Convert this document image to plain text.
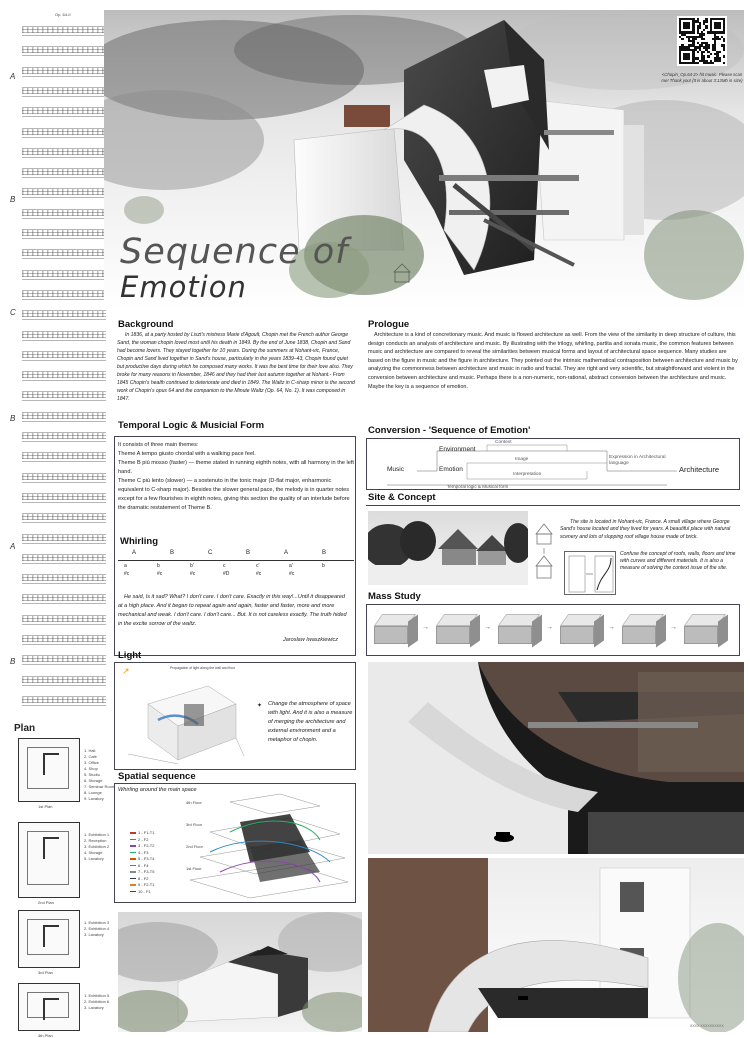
Op. 64-II
A
B
C
B
A
B
Plan
Sequence of
Emotion
<Chopin_Op.64-2> hit music. Please scan me! Thank you! (It is about 3:13Mb in size)
Background
In 1836, at a party hosted by Liszt's mistress Marie d'Agoult, Chopin met the French author George Sand, the woman chopin loved most until his death in 1849. By the end of June 1838, Chopin and Sand had become lovers. They stayed together for 10 years. During the summers at Nohant-vic, France, Chopin and Sand lived together in Sand's house, particularly in the years 1839–43, Chopin found quiet but productive days during which he composed many works. It was the best time for their love also. They broke for many reasons in November, 1846 and they had their last autumn together at Nohant.- From 1845 Chopin's health continued to deteriorate and died in 1849. The Waltz in C-sharp minor is the second work of Chopin's opus 64 and the companion to the Minute Waltz (Op. 64, No. 1). It was composed in 1847.
Prologue
Architecture is a kind of concretionary music. And music is flowed architecture as well. From the view of the similarity in deep structure of culture, this design conducts an analysis of architecture and music. By illustrating with the trilogy, whirling, partita and sonata music, the common features between music and architecture are compared to reveal the similarities between musical forms and layout of architectural space sequence. Many studies are based on the figure in music and the figure in architecture. They pointed out the intrinsic mathematical contraposition between architecture and music by analyzing the commonness between architecture and music in radio and fractal. They are right and very scientific, but straightforward and violent in the conversion between architecture and music. Perhaps there is a non-numeric, non-rational, abstract conversion between the architecture and music. Maybe the key is a sequence of emotion.
Temporal Logic & Musicial Form
It consists of three main themes:
Theme A tempo giusto chordal with a walking pace feel.
Theme B più mosso (faster) — theme stated in running eighth notes, with all harmony in the left hand.
Theme C più lento (slower) — a sostenuto in the tonic major (D-flat major, enharmonic equivalent to C-sharp major). Besides the slower general pace, the melody is in quarter notes except for a few flourishes in eighth notes, giving this section the quality of an interlude before the dramatic restatement of Theme B.
Whirling
A	B	C	B	A	B
a	b	b'	c	c'	a'	b
#c	#c	#c	#D	#c	#c
He said, Is it sad? What? I don't care. I don't care. Exactly in this way!...Until it disappeared at a high place. And it began to repeat again and again, faster and faster, more and more mechanical and weak. I don't care. I don't care... But. It is not careless exactly. The truth hided in the excite sorrow of the waltz.
Jaroslaw Iwaszkiewicz
Conversion - 'Sequence of Emotion'
Music
Environment
Emotion
Context
Image
Interpretation
Expression in Architectural language
Architecture
Temporal logic & Musical form
Site & Concept
The site is located in Nohant-vic, France. A small village where George Sand's house located and they lived for years. A beautiful place with natural scenery and lots of slopping roof village house made of brick.
Confuse the concept of roofs, walls, floors and time with curves and different materials. It is also a measure of solving the context issue of the site.
Mass Study
→	→	→	→	→
Light
↗	Propagation of light along the wall and floor
✦ Change the atmosphere of space with light. And it is also a measure of merging the architecture and external environment and a metaphor of chopin.
Spatial sequence
Whirling around the main space
1 - F1-T1
2 - F2
3 - F2-T2
4 - F3
5 - F3-T4
6 - F4
7 - F3-T5
8 - F2
9 - F2-T1
10 - F1
4th Floor
3rd Floor
2nd Floor
1st Floor
XXXX XXXXXXXXXX
1st Plan
1. Hall
2. Café
3. Office
4. Shop
5. Studio
6. Storage
7. Seminar Room
8. Lounge
9. Lavatory
2nd Plan
1. Exhibition 1
2. Reception
3. Exhibition 2
4. Storage
5. Lavatory
3rd Plan
1. Exhibition 3
2. Exhibition 4
3. Lavatory
4th Plan
1. Exhibition 5
2. Exhibition 6
3. Lavatory
